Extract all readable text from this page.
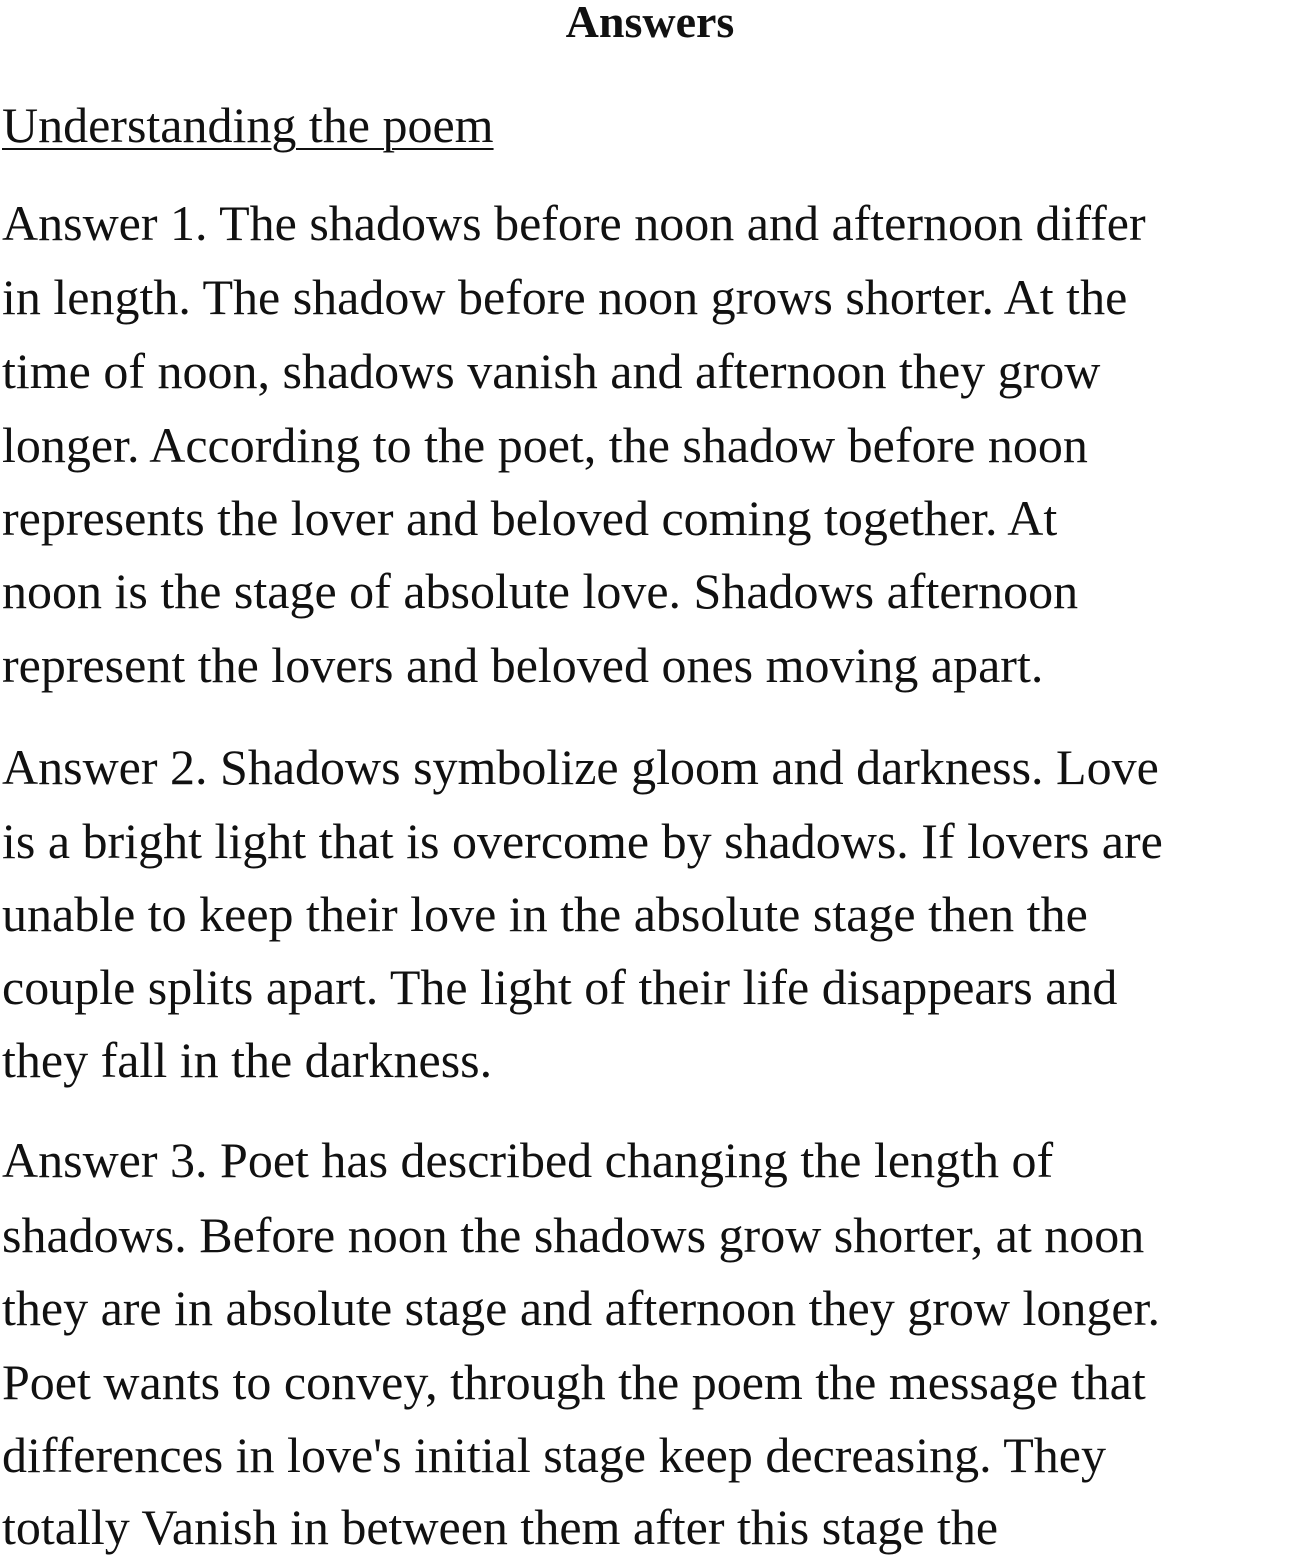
Answers
Understanding the poem
Answer 1. The shadows before noon and afternoon differ
in length. The shadow before noon grows shorter. At the
time of noon, shadows vanish and afternoon they grow
longer. According to the poet, the shadow before noon
represents the lover and beloved coming together. At
noon is the stage of absolute love. Shadows afternoon
represent the lovers and beloved ones moving apart.
Answer 2. Shadows symbolize gloom and darkness. Love
is a bright light that is overcome by shadows. If lovers are
unable to keep their love in the absolute stage then the
couple splits apart. The light of their life disappears and
they fall in the darkness.
Answer 3. Poet has described changing the length of
shadows. Before noon the shadows grow shorter, at noon
they are in absolute stage and afternoon they grow longer.
Poet wants to convey, through the poem the message that
differences in love's initial stage keep decreasing. They
totally Vanish in between them after this stage the
